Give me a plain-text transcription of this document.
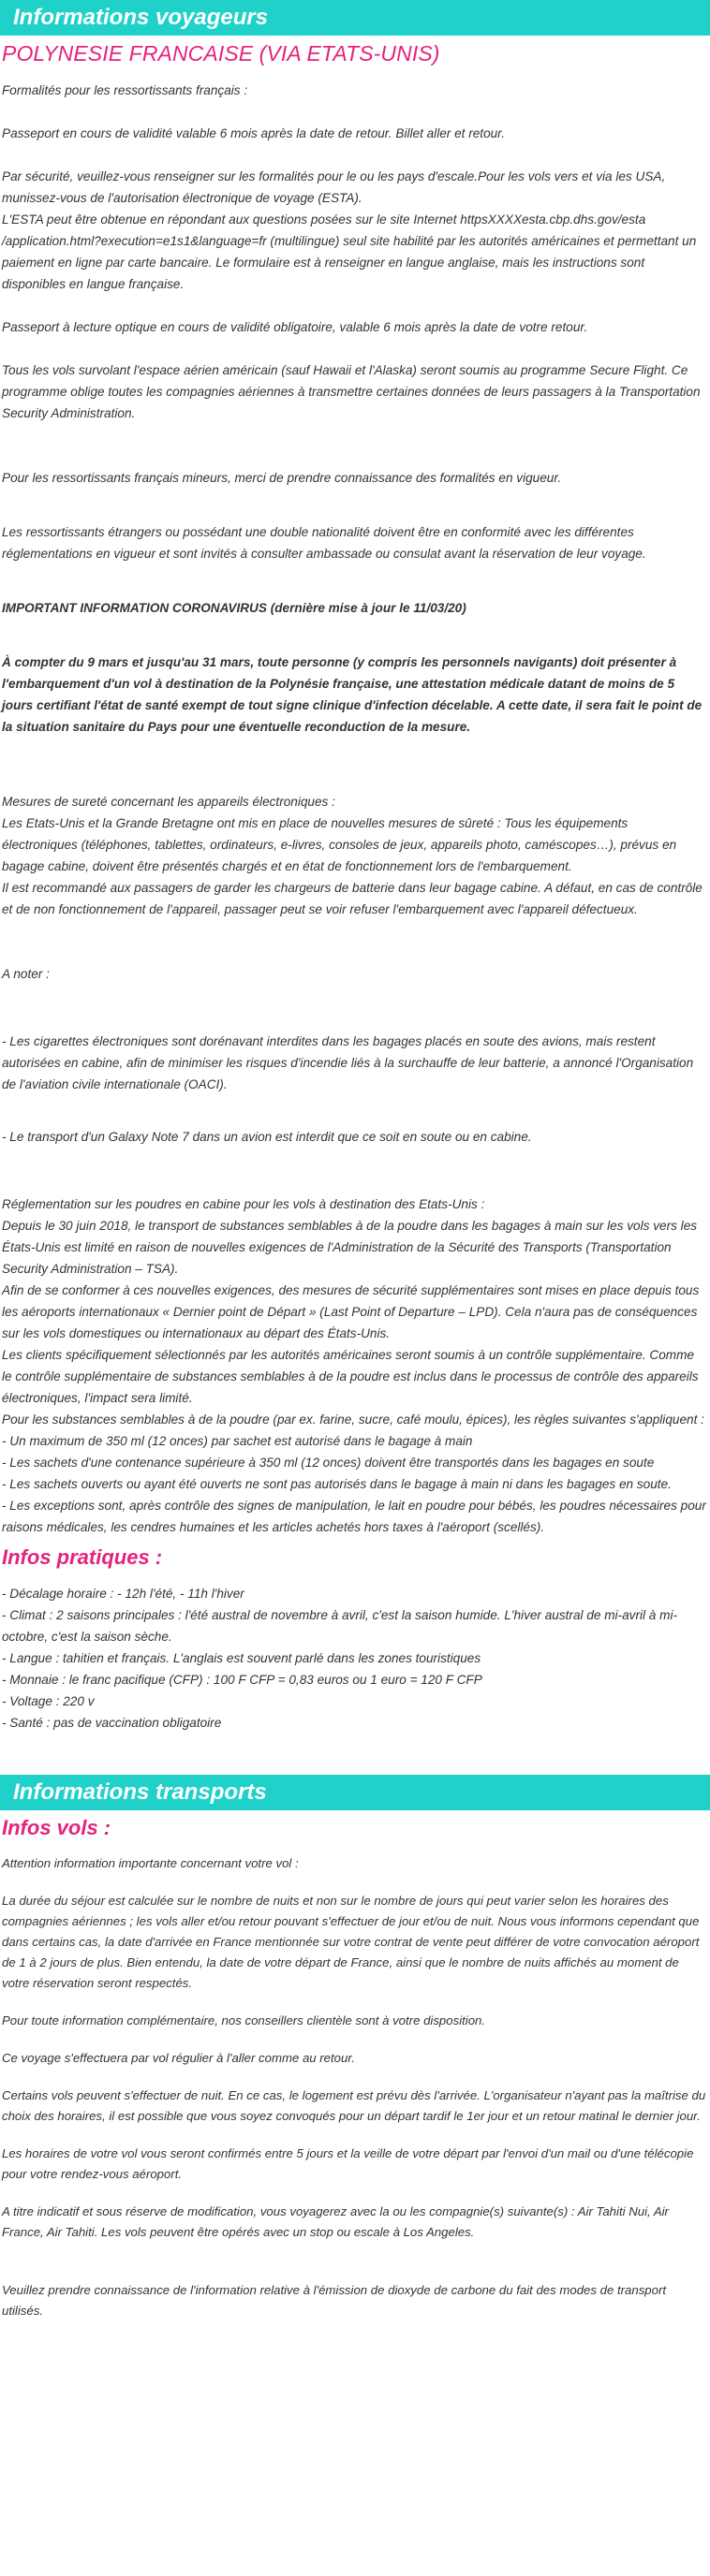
Informations voyageurs
POLYNESIE FRANCAISE (VIA ETATS-UNIS)

Formalités pour les ressortissants français :

Passeport en cours de validité valable 6 mois après la date de retour. Billet aller et retour.

Par sécurité, veuillez-vous renseigner sur les formalités pour le ou les pays d'escale.Pour les vols vers et via les USA, munissez-vous de l'autorisation électronique de voyage (ESTA).
L'ESTA peut être obtenue en répondant aux questions posées sur le site Internet httpsXXXXesta.cbp.dhs.gov/esta /application.html?execution=e1s1&language=fr (multilingue) seul site habilité par les autorités américaines et permettant un paiement en ligne par carte bancaire. Le formulaire est à renseigner en langue anglaise, mais les instructions sont disponibles en langue française.

Passeport à lecture optique en cours de validité obligatoire, valable 6 mois après la date de votre retour.

Tous les vols survolant l'espace aérien américain (sauf Hawaii et l'Alaska) seront soumis au programme Secure Flight. Ce programme oblige toutes les compagnies aériennes à transmettre certaines données de leurs passagers à la Transportation Security Administration.

Pour les ressortissants français mineurs, merci de prendre connaissance des formalités en vigueur.

Les ressortissants étrangers ou possédant une double nationalité doivent être en conformité avec les différentes réglementations en vigueur et sont invités à consulter ambassade ou consulat avant la réservation de leur voyage.

IMPORTANT INFORMATION CORONAVIRUS (dernière mise à jour le 11/03/20)

À compter du 9 mars et jusqu'au 31 mars, toute personne (y compris les personnels navigants) doit présenter à l'embarquement d'un vol à destination de la Polynésie française, une attestation médicale datant de moins de 5 jours certifiant l'état de santé exempt de tout signe clinique d'infection décelable. A cette date, il sera fait le point de la situation sanitaire du Pays pour une éventuelle reconduction de la mesure.

Mesures de sureté concernant les appareils électroniques :
Les Etats-Unis et la Grande Bretagne ont mis en place de nouvelles mesures de sûreté : Tous les équipements électroniques (téléphones, tablettes, ordinateurs, e-livres, consoles de jeux, appareils photo, caméscopes…), prévus en bagage cabine, doivent être présentés chargés et en état de fonctionnement lors de l'embarquement.
Il est recommandé aux passagers de garder les chargeurs de batterie dans leur bagage cabine. A défaut, en cas de contrôle et de non fonctionnement de l'appareil, passager peut se voir refuser l'embarquement avec l'appareil défectueux.

A noter :

- Les cigarettes électroniques sont dorénavant interdites dans les bagages placés en soute des avions, mais restent autorisées en cabine, afin de minimiser les risques d'incendie liés à la surchauffe de leur batterie, a annoncé l'Organisation de l'aviation civile internationale (OACI).

- Le transport d'un Galaxy Note 7 dans un avion est interdit que ce soit en soute ou en cabine.

Réglementation sur les poudres en cabine pour les vols à destination des Etats-Unis :
Depuis le 30 juin 2018, le transport de substances semblables à de la poudre dans les bagages à main sur les vols vers les États-Unis est limité en raison de nouvelles exigences de l'Administration de la Sécurité des Transports (Transportation Security Administration – TSA).
Afin de se conformer à ces nouvelles exigences, des mesures de sécurité supplémentaires sont mises en place depuis tous les aéroports internationaux « Dernier point de Départ » (Last Point of Departure – LPD). Cela n'aura pas de conséquences sur les vols domestiques ou internationaux au départ des États-Unis.
Les clients spécifiquement sélectionnés par les autorités américaines seront soumis à un contrôle supplémentaire. Comme le contrôle supplémentaire de substances semblables à de la poudre est inclus dans le processus de contrôle des appareils électroniques, l'impact sera limité.
Pour les substances semblables à de la poudre (par ex. farine, sucre, café moulu, épices), les règles suivantes s'appliquent :
- Un maximum de 350 ml (12 onces) par sachet est autorisé dans le bagage à main
- Les sachets d'une contenance supérieure à 350 ml (12 onces) doivent être transportés dans les bagages en soute
- Les sachets ouverts ou ayant été ouverts ne sont pas autorisés dans le bagage à main ni dans les bagages en soute.
- Les exceptions sont, après contrôle des signes de manipulation, le lait en poudre pour bébés, les poudres nécessaires pour raisons médicales, les cendres humaines et les articles achetés hors taxes à l'aéroport (scellés).

Infos pratiques :
- Décalage horaire : - 12h l'été, - 11h l'hiver
- Climat : 2 saisons principales : l'été austral de novembre à avril, c'est la saison humide. L'hiver austral de mi-avril à mi-octobre, c'est la saison sèche.
- Langue : tahitien et français. L'anglais est souvent parlé dans les zones touristiques
- Monnaie : le franc pacifique (CFP) : 100 F CFP = 0,83 euros ou 1 euro = 120 F CFP
- Voltage : 220 v
- Santé : pas de vaccination obligatoire
Informations transports
Infos vols :

Attention information importante concernant votre vol :

La durée du séjour est calculée sur le nombre de nuits et non sur le nombre de jours qui peut varier selon les horaires des compagnies aériennes ; les vols aller et/ou retour pouvant s'effectuer de jour et/ou de nuit. Nous vous informons cependant que dans certains cas, la date d'arrivée en France mentionnée sur votre contrat de vente peut différer de votre convocation aéroport de 1 à 2 jours de plus. Bien entendu, la date de votre départ de France, ainsi que le nombre de nuits affichés au moment de votre réservation seront respectés.

Pour toute information complémentaire, nos conseillers clientèle sont à votre disposition.

Ce voyage s'effectuera par vol régulier à l'aller comme au retour.

Certains vols peuvent s'effectuer de nuit. En ce cas, le logement est prévu dès l'arrivée. L'organisateur n'ayant pas la maîtrise du choix des horaires, il est possible que vous soyez convoqués pour un départ tardif le 1er jour et un retour matinal le dernier jour.

Les horaires de votre vol vous seront confirmés entre 5 jours et la veille de votre départ par l'envoi d'un mail ou d'une télécopie pour votre rendez-vous aéroport.

A titre indicatif et sous réserve de modification, vous voyagerez avec la ou les compagnie(s) suivante(s) : Air Tahiti Nui, Air France, Air Tahiti. Les vols peuvent être opérés avec un stop ou escale à Los Angeles.

Veuillez prendre connaissance de l'information relative à l'émission de dioxyde de carbone du fait des modes de transport utilisés.
